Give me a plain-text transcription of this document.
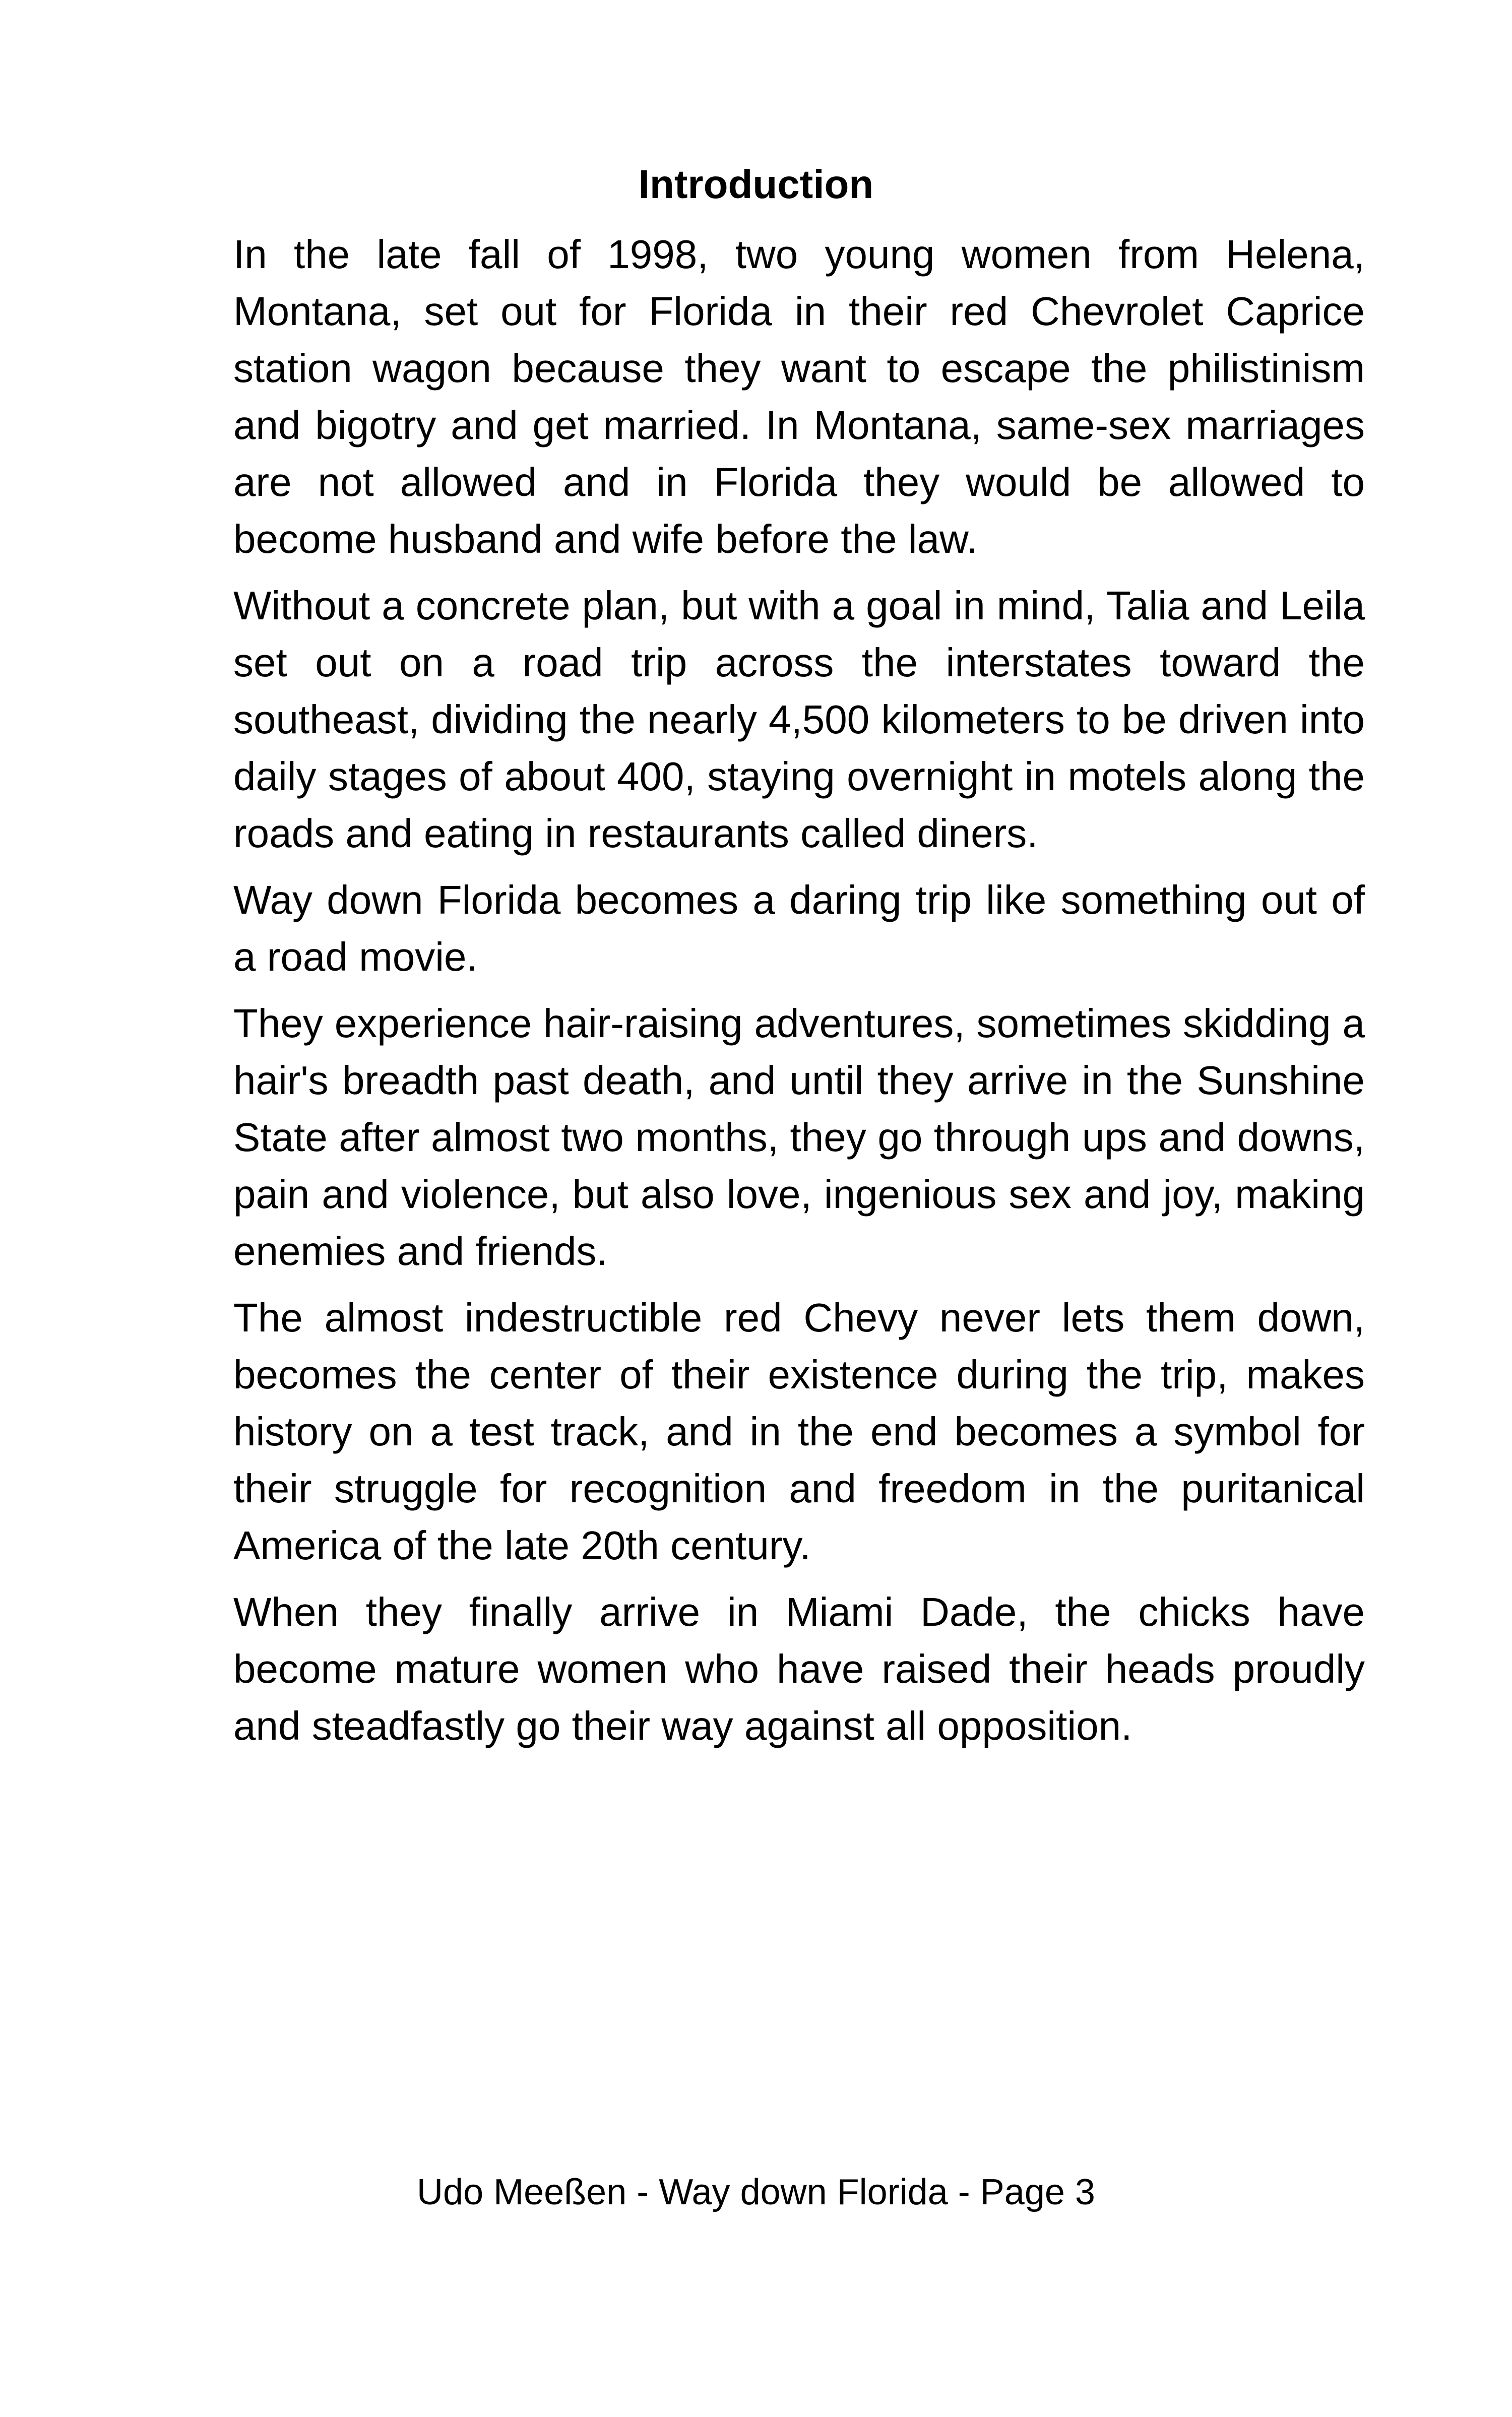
Introduction

In the late fall of 1998, two young women from Helena, Montana, set out for Florida in their red Chevrolet Caprice station wagon because they want to escape the philistinism and bigotry and get married. In Montana, same-sex marriages are not allowed and in Florida they would be allowed to become husband and wife before the law.

Without a concrete plan, but with a goal in mind, Talia and Leila set out on a road trip across the interstates toward the southeast, dividing the nearly 4,500 kilometers to be driven into daily stages of about 400, staying overnight in motels along the roads and eating in restaurants called diners.

Way down Florida becomes a daring trip like something out of a road movie.

They experience hair-raising adventures, sometimes skidding a hair's breadth past death, and until they arrive in the Sunshine State after almost two months, they go through ups and downs, pain and violence, but also love, ingenious sex and joy, making enemies and friends.

The almost indestructible red Chevy never lets them down, becomes the center of their existence during the trip, makes history on a test track, and in the end becomes a symbol for their struggle for recognition and freedom in the puritanical America of the late 20th century.

When they finally arrive in Miami Dade, the chicks have become mature women who have raised their heads proudly and steadfastly go their way against all opposition.

Udo Meeßen - Way down Florida - Page 3
